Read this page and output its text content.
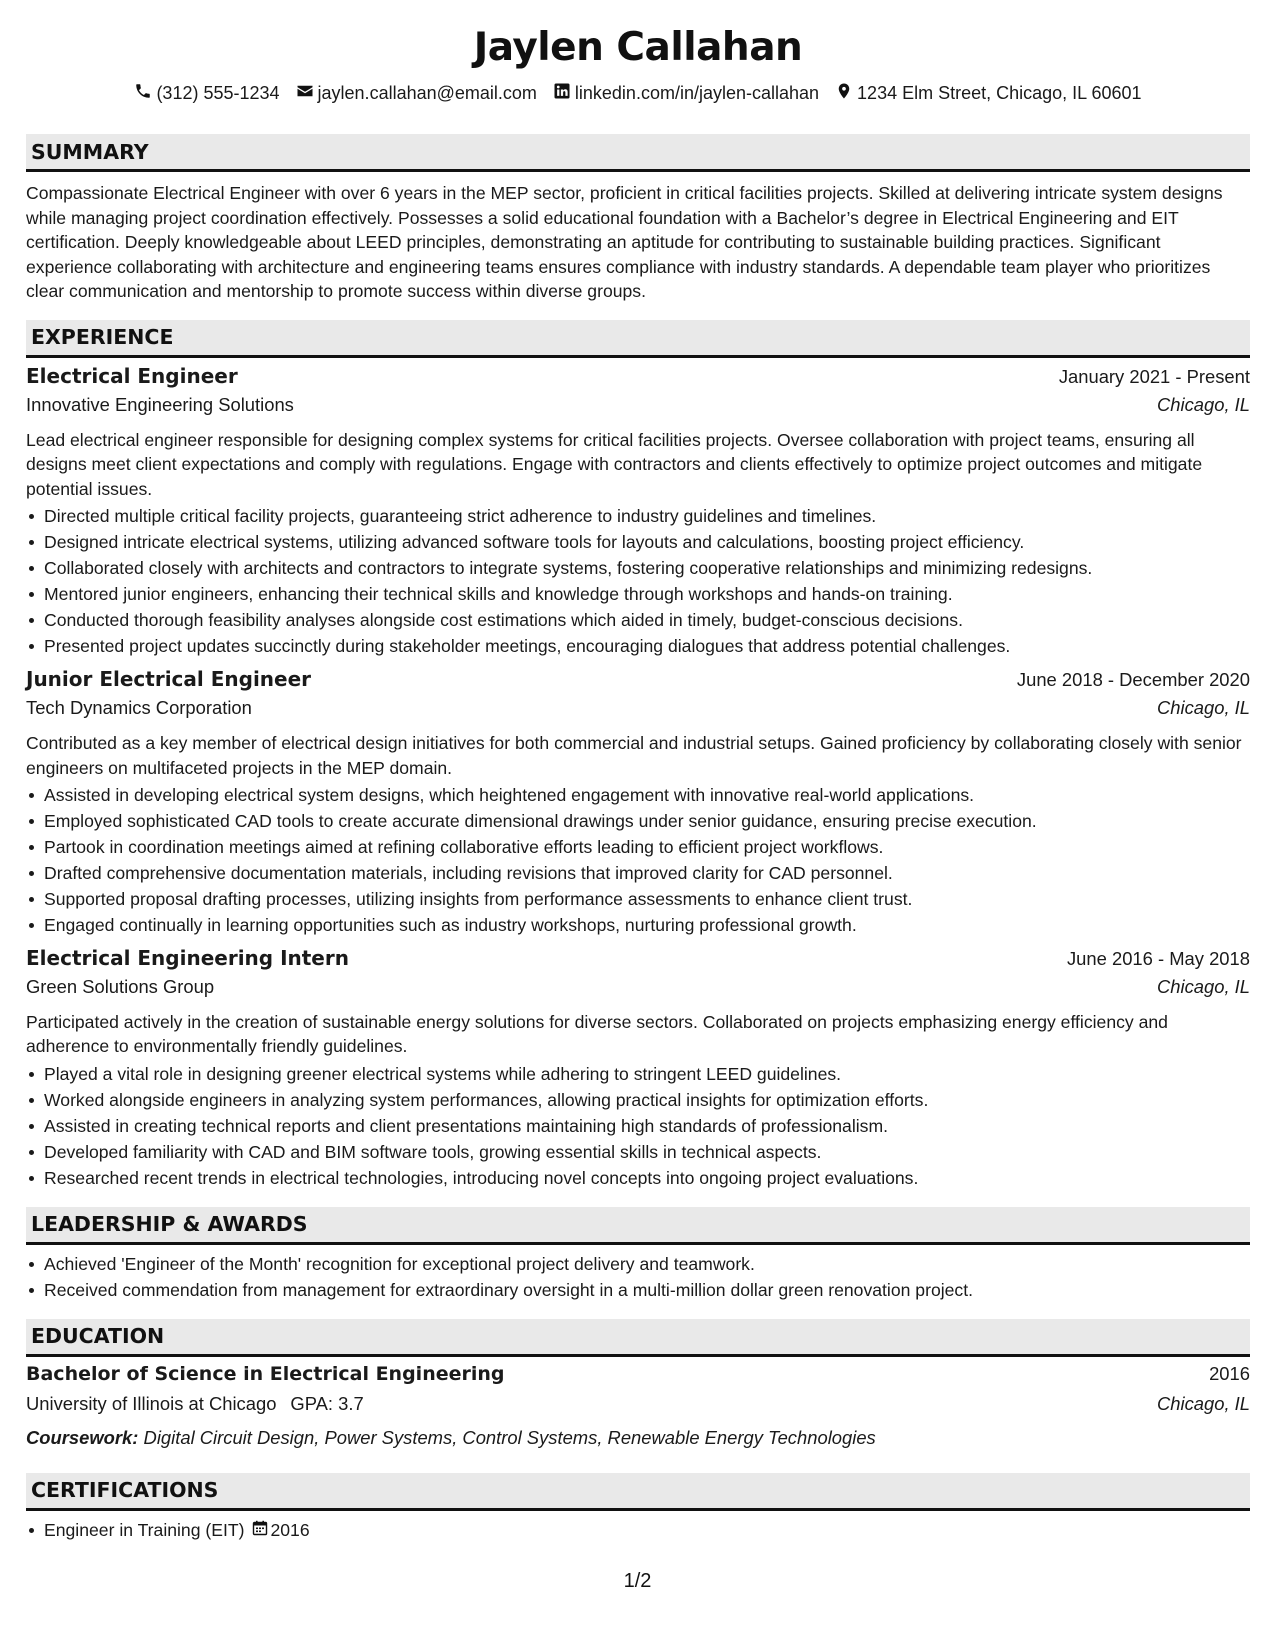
Jaylen Callahan
(312) 555-1234 jaylen.callahan@email.com linkedin.com/in/jaylen-callahan 1234 Elm Street, Chicago, IL 60601
SUMMARY

Compassionate Electrical Engineer with over 6 years in the MEP sector, proficient in critical facilities projects. Skilled at delivering intricate system designs while managing project coordination effectively. Possesses a solid educational foundation with a Bachelor’s degree in Electrical Engineering and EIT certification. Deeply knowledgeable about LEED principles, demonstrating an aptitude for contributing to sustainable building practices. Significant experience collaborating with architecture and engineering teams ensures compliance with industry standards. A dependable team player who prioritizes clear communication and mentorship to promote success within diverse groups.

EXPERIENCE
Electrical Engineer	January 2021 - Present
Innovative Engineering Solutions	Chicago, IL

Lead electrical engineer responsible for designing complex systems for critical facilities projects. Oversee collaboration with project teams, ensuring all designs meet client expectations and comply with regulations. Engage with contractors and clients effectively to optimize project outcomes and mitigate potential issues.

Directed multiple critical facility projects, guaranteeing strict adherence to industry guidelines and timelines.
Designed intricate electrical systems, utilizing advanced software tools for layouts and calculations, boosting project efficiency.
Collaborated closely with architects and contractors to integrate systems, fostering cooperative relationships and minimizing redesigns.
Mentored junior engineers, enhancing their technical skills and knowledge through workshops and hands-on training.
Conducted thorough feasibility analyses alongside cost estimations which aided in timely, budget-conscious decisions.
Presented project updates succinctly during stakeholder meetings, encouraging dialogues that address potential challenges.
Junior Electrical Engineer	June 2018 - December 2020
Tech Dynamics Corporation	Chicago, IL

Contributed as a key member of electrical design initiatives for both commercial and industrial setups. Gained proficiency by collaborating closely with senior engineers on multifaceted projects in the MEP domain.

Assisted in developing electrical system designs, which heightened engagement with innovative real-world applications.
Employed sophisticated CAD tools to create accurate dimensional drawings under senior guidance, ensuring precise execution.
Partook in coordination meetings aimed at refining collaborative efforts leading to efficient project workflows.
Drafted comprehensive documentation materials, including revisions that improved clarity for CAD personnel.
Supported proposal drafting processes, utilizing insights from performance assessments to enhance client trust.
Engaged continually in learning opportunities such as industry workshops, nurturing professional growth.
Electrical Engineering Intern	June 2016 - May 2018
Green Solutions Group	Chicago, IL

Participated actively in the creation of sustainable energy solutions for diverse sectors. Collaborated on projects emphasizing energy efficiency and adherence to environmentally friendly guidelines.

Played a vital role in designing greener electrical systems while adhering to stringent LEED guidelines.
Worked alongside engineers in analyzing system performances, allowing practical insights for optimization efforts.
Assisted in creating technical reports and client presentations maintaining high standards of professionalism.
Developed familiarity with CAD and BIM software tools, growing essential skills in technical aspects.
Researched recent trends in electrical technologies, introducing novel concepts into ongoing project evaluations.
LEADERSHIP & AWARDS
Achieved 'Engineer of the Month' recognition for exceptional project delivery and teamwork.
Received commendation from management for extraordinary oversight in a multi-million dollar green renovation project.
EDUCATION
Bachelor of Science in Electrical Engineering	2016
University of Illinois at Chicago GPA: 3.7	Chicago, IL
Coursework: Digital Circuit Design, Power Systems, Control Systems, Renewable Energy Technologies
CERTIFICATIONS
Engineer in Training (EIT) 2016
1/2
